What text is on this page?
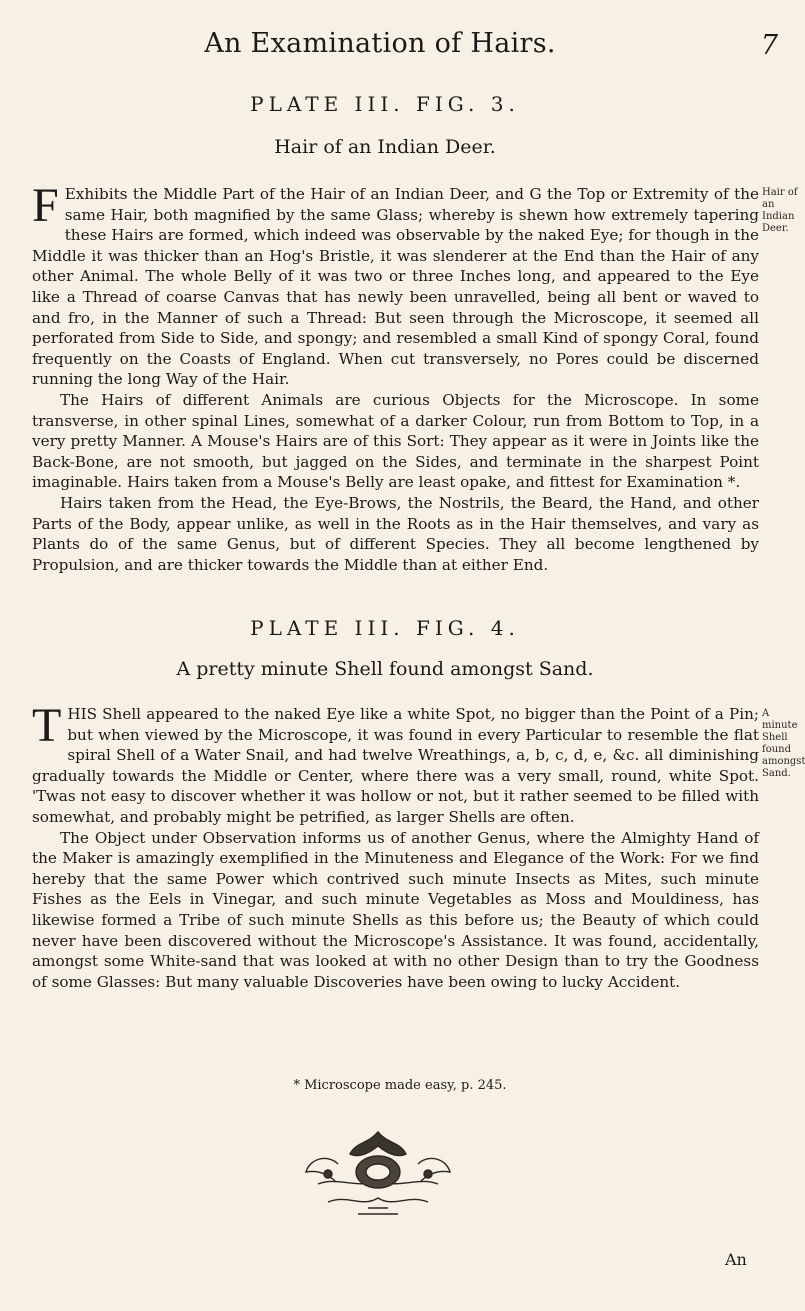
An Examination of Hairs.	7
PLATE III. FIG. 3.
Hair of an Indian Deer.
Hair of an Indian Deer.

F Exhibits the Middle Part of the Hair of an Indian Deer, and G the Top or Extremity of the same Hair, both magnified by the same Glass; whereby is shewn how extremely tapering these Hairs are formed, which indeed was observable by the naked Eye; for though in the Middle it was thicker than an Hog's Bristle, it was slenderer at the End than the Hair of any other Animal. The whole Belly of it was two or three Inches long, and appeared to the Eye like a Thread of coarse Canvas that has newly been unravelled, being all bent or waved to and fro, in the Manner of such a Thread: But seen through the Microscope, it seemed all perforated from Side to Side, and spongy; and resembled a small Kind of spongy Coral, found frequently on the Coasts of England. When cut transversely, no Pores could be discerned running the long Way of the Hair.

The Hairs of different Animals are curious Objects for the Microscope. In some transverse, in other spinal Lines, somewhat of a darker Colour, run from Bottom to Top, in a very pretty Manner. A Mouse's Hairs are of this Sort: They appear as it were in Joints like the Back-Bone, are not smooth, but jagged on the Sides, and terminate in the sharpest Point imaginable. Hairs taken from a Mouse's Belly are least opake, and fittest for Examination *.

Hairs taken from the Head, the Eye-Brows, the Nostrils, the Beard, the Hand, and other Parts of the Body, appear unlike, as well in the Roots as in the Hair themselves, and vary as Plants do of the same Genus, but of different Species. They all become lengthened by Propulsion, and are thicker towards the Middle than at either End.

PLATE III. FIG. 4.
A pretty minute Shell found amongst Sand.
A minute Shell found amongst Sand.

THIS Shell appeared to the naked Eye like a white Spot, no bigger than the Point of a Pin; but when viewed by the Microscope, it was found in every Particular to resemble the flat spiral Shell of a Water Snail, and had twelve Wreathings, a, b, c, d, e, &c. all diminishing gradually towards the Middle or Center, where there was a very small, round, white Spot. 'Twas not easy to discover whether it was hollow or not, but it rather seemed to be filled with somewhat, and probably might be petrified, as larger Shells are often.

The Object under Observation informs us of another Genus, where the Almighty Hand of the Maker is amazingly exemplified in the Minuteness and Elegance of the Work: For we find hereby that the same Power which contrived such minute Insects as Mites, such minute Fishes as the Eels in Vinegar, and such minute Vegetables as Moss and Mouldiness, has likewise formed a Tribe of such minute Shells as this before us; the Beauty of which could never have been discovered without the Microscope's Assistance. It was found, accidentally, amongst some White-sand that was looked at with no other Design than to try the Goodness of some Glasses: But many valuable Discoveries have been owing to lucky Accident.

* Microscope made easy, p. 245.
An
